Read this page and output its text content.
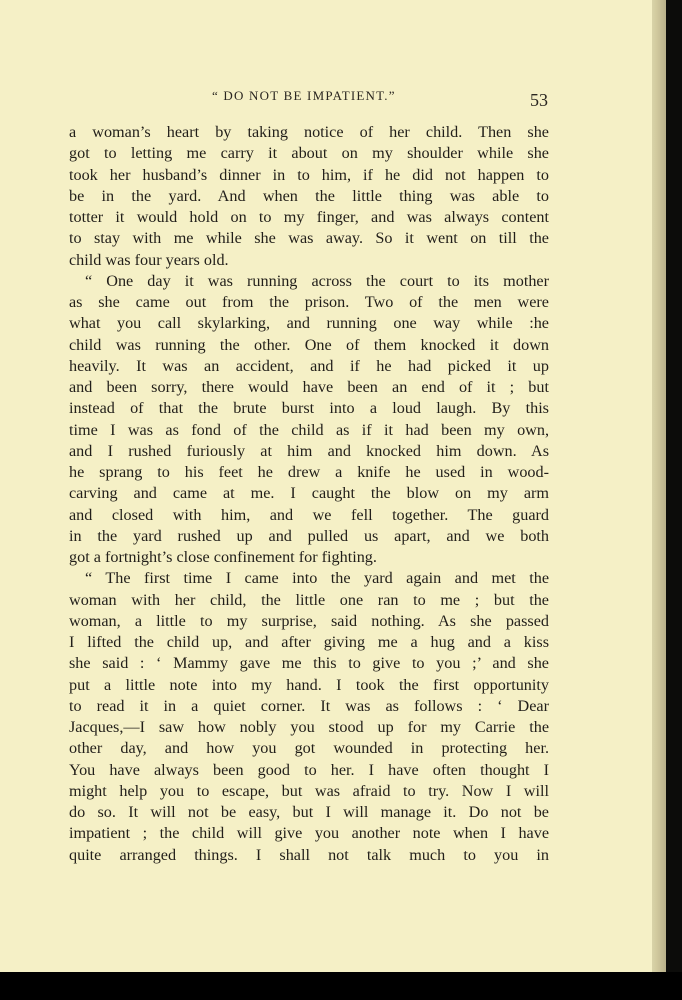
“ DO NOT BE IMPATIENT.”	53
a woman’s heart by taking notice of her child. Then she
got to letting me carry it about on my shoulder while she
took her husband’s dinner in to him, if he did not happen to
be in the yard. And when the little thing was able to
totter it would hold on to my finger, and was always content
to stay with me while she was away. So it went on till the
child was four years old.
“ One day it was running across the court to its mother
as she came out from the prison. Two of the men were
what you call skylarking, and running one way while :he
child was running the other. One of them knocked it down
heavily. It was an accident, and if he had picked it up
and been sorry, there would have been an end of it ; but
instead of that the brute burst into a loud laugh. By this
time I was as fond of the child as if it had been my own,
and I rushed furiously at him and knocked him down. As
he sprang to his feet he drew a knife he used in wood-
carving and came at me. I caught the blow on my arm
and closed with him, and we fell together. The guard
in the yard rushed up and pulled us apart, and we both
got a fortnight’s close confinement for fighting.
“ The first time I came into the yard again and met the
woman with her child, the little one ran to me ; but the
woman, a little to my surprise, said nothing. As she passed
I lifted the child up, and after giving me a hug and a kiss
she said : ‘ Mammy gave me this to give to you ;’ and she
put a little note into my hand. I took the first opportunity
to read it in a quiet corner. It was as follows : ‘ Dear
Jacques,—I saw how nobly you stood up for my Carrie the
other day, and how you got wounded in protecting her.
You have always been good to her. I have often thought I
might help you to escape, but was afraid to try. Now I will
do so. It will not be easy, but I will manage it. Do not be
impatient ; the child will give you another note when I have
quite arranged things. I shall not talk much to you in
